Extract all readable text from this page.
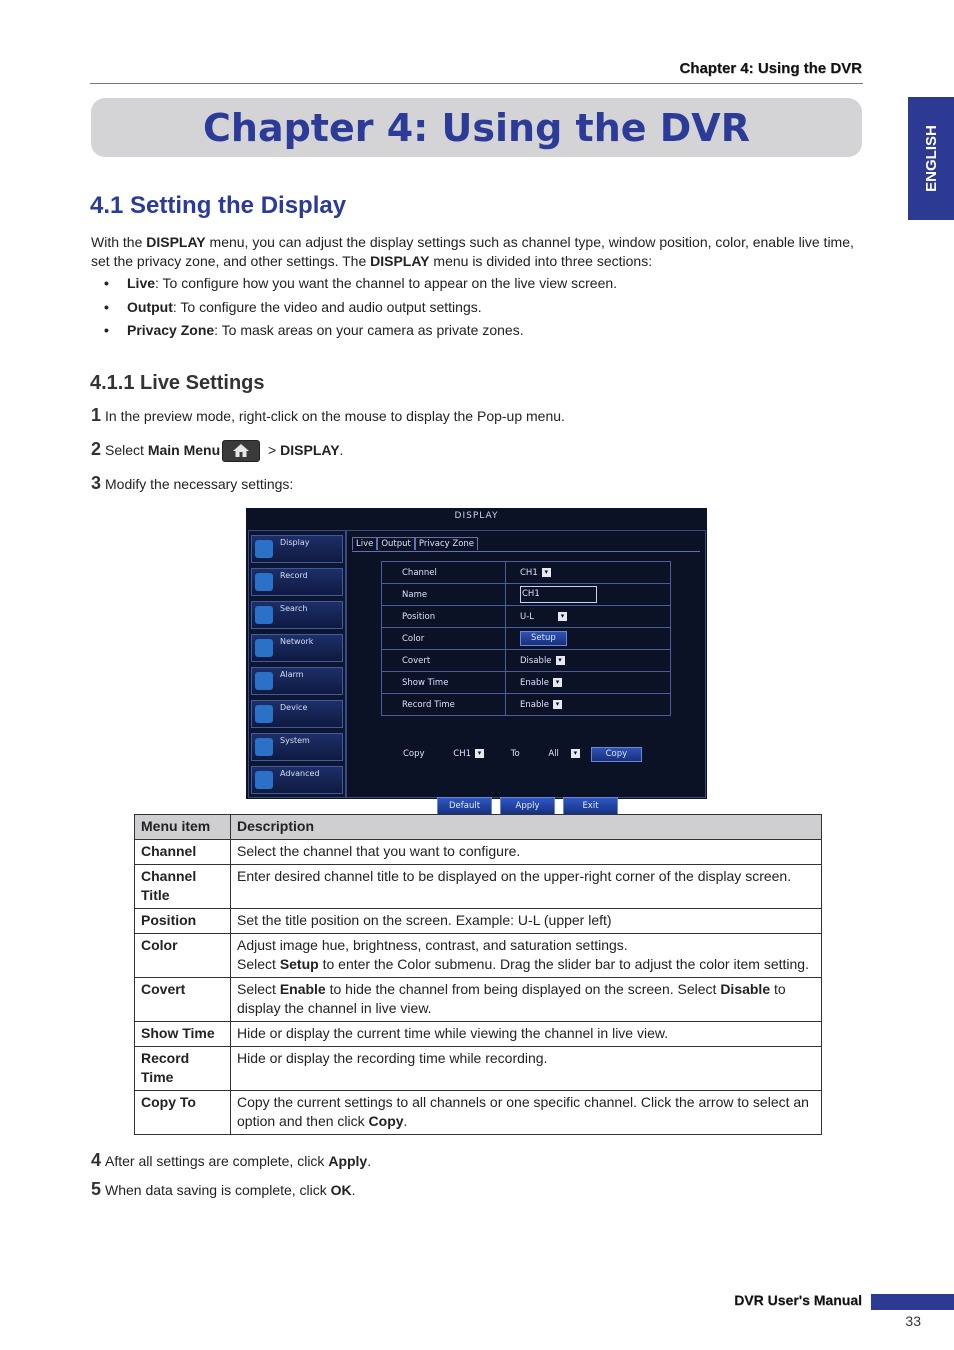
Chapter 4: Using the DVR
Chapter 4: Using the DVR	ENGLISH
4.1 Setting the Display
With the DISPLAY menu, you can adjust the display settings such as channel type, window position, color, enable live time, set the privacy zone, and other settings. The DISPLAY menu is divided into three sections:
• Live: To configure how you want the channel to appear on the live view screen.
• Output: To configure the video and audio output settings.
• Privacy Zone: To mask areas on your camera as private zones.
4.1.1 Live Settings
1 In the preview mode, right-click on the mouse to display the Pop-up menu.
2 Select Main Menu	> DISPLAY.
3 Modify the necessary settings:
DISPLAY
Display
Record
Search
Network
Alarm
Device
System
Advanced
Live Output Privacy Zone
Channel	CH1 ▾
Name	CH1
Position	U-L ▾
Color	Setup
Covert	Disable ▾
Show Time	Enable ▾
Record Time	Enable ▾
Copy	CH1 ▾	To	All ▾	Copy
Default	Apply	Exit
Menu item	Description
Channel	Select the channel that you want to configure.
Channel Title	Enter desired channel title to be displayed on the upper-right corner of the display screen.
Position	Set the title position on the screen. Example: U-L (upper left)
Color	Adjust image hue, brightness, contrast, and saturation settings.
Select Setup to enter the Color submenu. Drag the slider bar to adjust the color item setting.
Covert	Select Enable to hide the channel from being displayed on the screen. Select Disable to display the channel in live view.
Show Time	Hide or display the current time while viewing the channel in live view.
Record Time	Hide or display the recording time while recording.
Copy To	Copy the current settings to all channels or one specific channel. Click the arrow to select an option and then click Copy.
4 After all settings are complete, click Apply.
5 When data saving is complete, click OK.
DVR User's Manual
33
